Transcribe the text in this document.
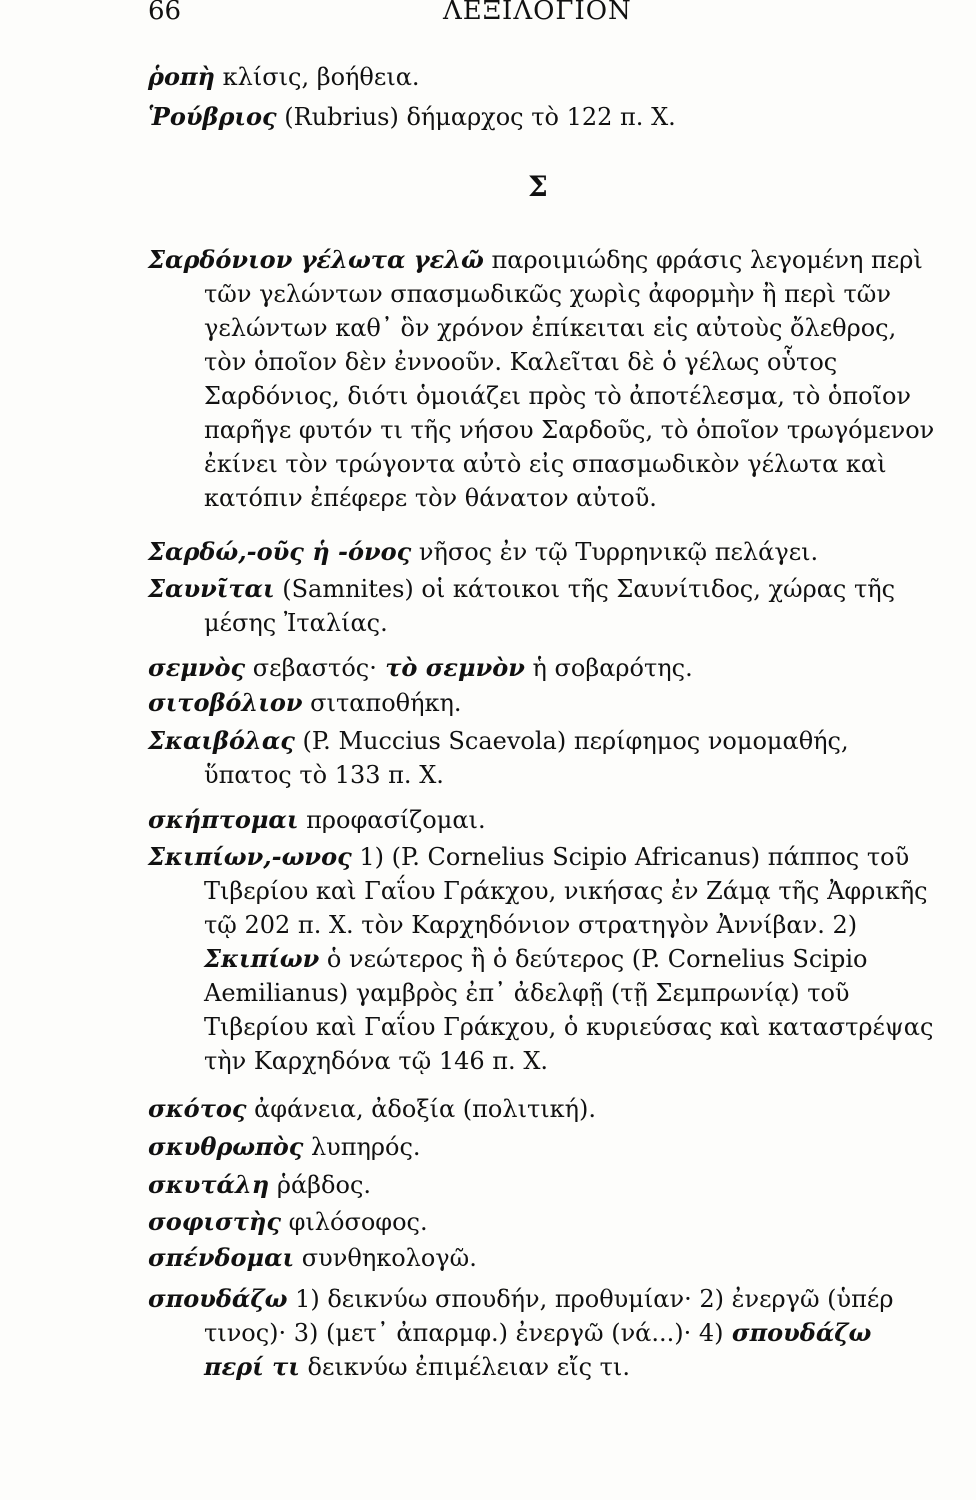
66	ΛΕΞΙΛΟΓΙΟΝ

ῥοπὴ κλίσις, βοήθεια.

Ῥούβριος (Rubrius) δήμαρχος τὸ 122 π. Χ.

Σ

Σαρδόνιον γέλωτα γελῶ παροιμιώδης φράσις λεγομένη περὶ τῶν γελώντων σπασμωδικῶς χωρὶς ἀφορμὴν ἢ περὶ τῶν γελώντων καθ᾿ ὃν χρόνον ἐπίκειται εἰς αὐτοὺς ὄλεθρος, τὸν ὁποῖον δὲν ἐννοοῦν. Καλεῖται δὲ ὁ γέλως οὗτος Σαρδόνιος, διότι ὁμοιάζει πρὸς τὸ ἀποτέλεσμα, τὸ ὁποῖον παρῆγε φυτόν τι τῆς νήσου Σαρδοῦς, τὸ ὁποῖον τρωγόμενον ἐκίνει τὸν τρώγοντα αὐτὸ εἰς σπασμωδικὸν γέλωτα καὶ κατόπιν ἐπέφερε τὸν θάνατον αὐτοῦ.

Σαρδώ,-οῦς ἡ -όνος νῆσος ἐν τῷ Τυρρηνικῷ πελάγει.

Σαυνῖται (Samnites) οἱ κάτοικοι τῆς Σαυνίτιδος, χώρας τῆς μέσης Ἰταλίας.

σεμνὸς σεβαστός· τὸ σεμνὸν ἡ σοβαρότης.

σιτοβόλιον σιταποθήκη.

Σκαιβόλας (P. Muccius Scaevola) περίφημος νομομαθής, ὕπατος τὸ 133 π. Χ.

σκήπτομαι προφασίζομαι.

Σκιπίων,-ωνος 1) (P. Cornelius Scipio Africanus) πάππος τοῦ Τιβερίου καὶ Γαΐου Γράκχου, νικήσας ἐν Ζάμᾳ τῆς Ἀφρικῆς τῷ 202 π. Χ. τὸν Καρχηδόνιον στρατηγὸν Ἀννίβαν. 2) Σκιπίων ὁ νεώτερος ἢ ὁ δεύτερος (P. Cornelius Scipio Aemilianus) γαμβρὸς ἐπ᾿ ἀδελφῇ (τῇ Σεμπρωνίᾳ) τοῦ Τιβερίου καὶ Γαΐου Γράκχου, ὁ κυριεύσας καὶ καταστρέψας τὴν Καρχηδόνα τῷ 146 π. Χ.

σκότος ἀφάνεια, ἀδοξία (πολιτική).

σκυθρωπὸς λυπηρός.

σκυτάλη ῥάβδος.

σοφιστὴς φιλόσοφος.

σπένδομαι συνθηκολογῶ.

σπουδάζω 1) δεικνύω σπουδήν, προθυμίαν· 2) ἐνεργῶ (ὑπέρ τινος)· 3) (μετ᾿ ἀπαρμφ.) ἐνεργῶ (νά...)· 4) σπουδάζω περί τι δεικνύω ἐπιμέλειαν εἴς τι.
